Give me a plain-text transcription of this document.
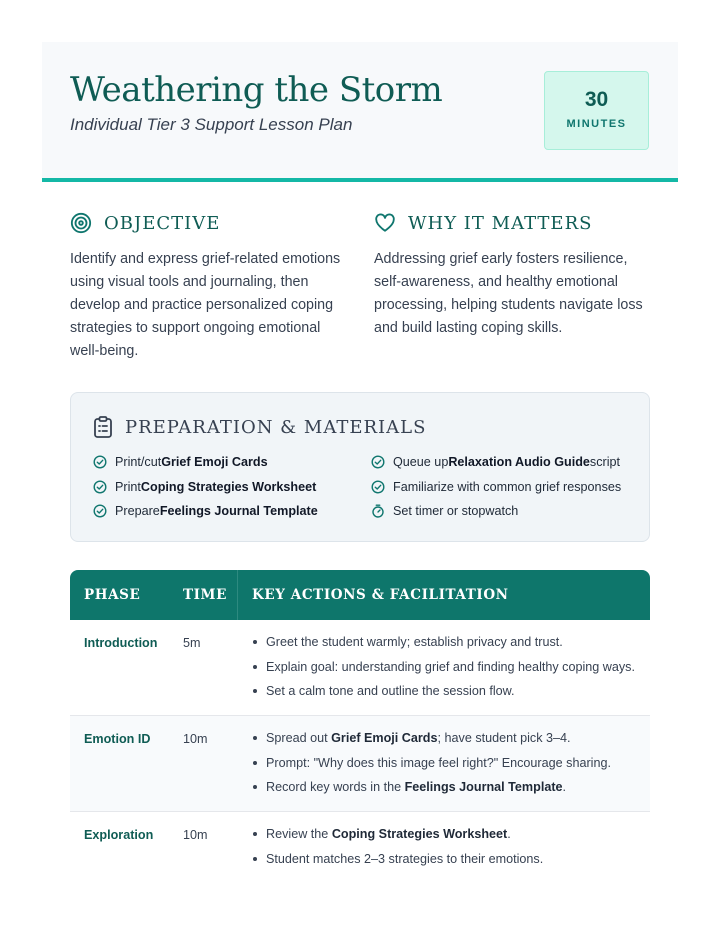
Weathering the Storm
Individual Tier 3 Support Lesson Plan
30
MINUTES
OBJECTIVE
Identify and express grief-related emotions
using visual tools and journaling, then
develop and practice personalized coping
strategies to support ongoing emotional
well-being.
WHY IT MATTERS
Addressing grief early fosters resilience,
self-awareness, and healthy emotional
processing, helping students navigate loss
and build lasting coping skills.
PREPARATION & MATERIALS
Print/cut Grief Emoji Cards
Print Coping Strategies Worksheet
Prepare Feelings Journal Template
Queue up Relaxation Audio Guide script
Familiarize with common grief responses
Set timer or stopwatch
PHASE	TIME KEY ACTIONS & FACILITATION
Introduction 5m	Greet the student warmly; establish privacy and trust.
Explain goal: understanding grief and finding healthy coping ways.
Set a calm tone and outline the session flow.
Emotion ID	10m	Spread out Grief Emoji Cards; have student pick 3–4.
Prompt: "Why does this image feel right?" Encourage sharing.
Record key words in the Feelings Journal Template.
Exploration 10m	Review the Coping Strategies Worksheet.
Student matches 2–3 strategies to their emotions.
